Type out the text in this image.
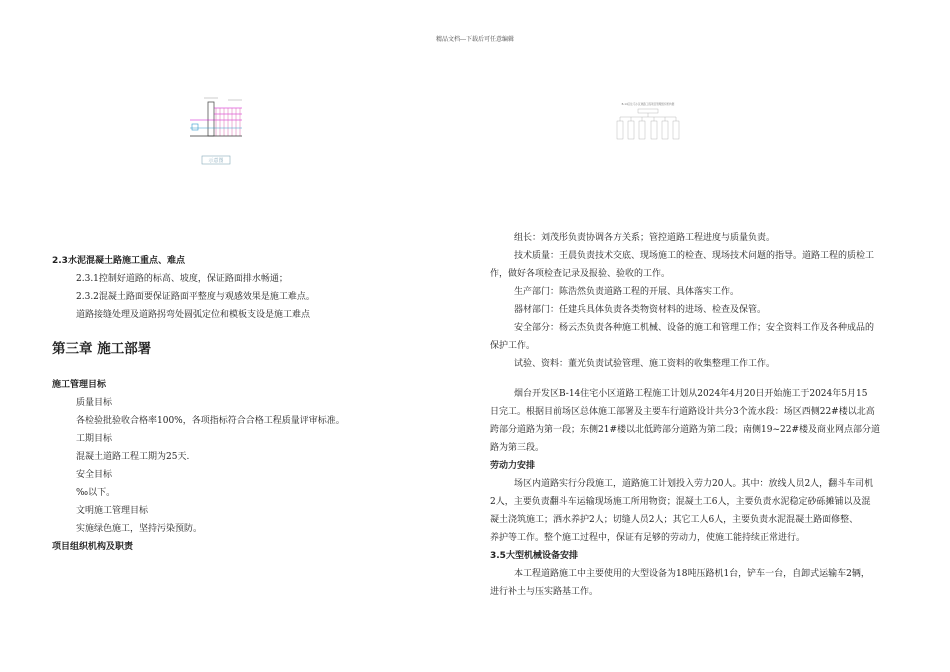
精品文档---下载后可任意编辑
示意图
B-14区住宅小区道路工程项目管理组织机构图

2.3水泥混凝土路施工重点、难点

2.3.1控制好道路的标高、坡度，保证路面排水畅通；

2.3.2混凝土路面要保证路面平整度与观感效果是施工难点。

道路接缝处理及道路拐弯处圆弧定位和模板支设是施工难点

第三章 施工部署

施工管理目标

质量目标

各检验批验收合格率100%，各项指标符合合格工程质量评审标准。

工期目标

混凝土道路工程工期为25天.

安全目标

‰以下。

文明施工管理目标

实施绿色施工，坚持污染预防。

项目组织机构及职责

组长：刘茂彤负责协调各方关系；管控道路工程进度与质量负责。

技术质量：王晨负责技术交底、现场施工的检查、现场技术问题的指导。道路工程的质检工

作，做好各项检查记录及报验、验收的工作。

生产部门：陈浩然负责道路工程的开展、具体落实工作。

器材部门：任建兵具体负责各类物资材料的进场、检查及保管。

安全部分：杨云杰负责各种施工机械、设备的施工和管理工作；安全资料工作及各种成品的

保护工作。

试验、资料：董光负责试验管理、施工资料的收集整理工作工作。

烟台开发区B-14住宅小区道路工程施工计划从2024年4月20日开始施工于2024年5月15

日完工。根据目前场区总体施工部署及主要车行道路设计共分3个流水段：场区西侧22#楼以北高

跨部分道路为第一段；东侧21#楼以北低跨部分道路为第二段；南侧19~22#楼及商业网点部分道

路为第三段。

劳动力安排

场区内道路实行分段施工，道路施工计划投入劳力20人。其中：放线人员2人，翻斗车司机

2人，主要负责翻斗车运输现场施工所用物资；混凝土工6人，主要负责水泥稳定砂砾摊铺以及混

凝土浇筑施工；洒水养护2人；切缝人员2人；其它工人6人，主要负责水泥混凝土路面修整、

养护等工作。整个施工过程中，保证有足够的劳动力，使施工能持续正常进行。

3.5大型机械设备安排

本工程道路施工中主要使用的大型设备为18吨压路机1台，铲车一台，自卸式运输车2辆，

进行补土与压实路基工作。
